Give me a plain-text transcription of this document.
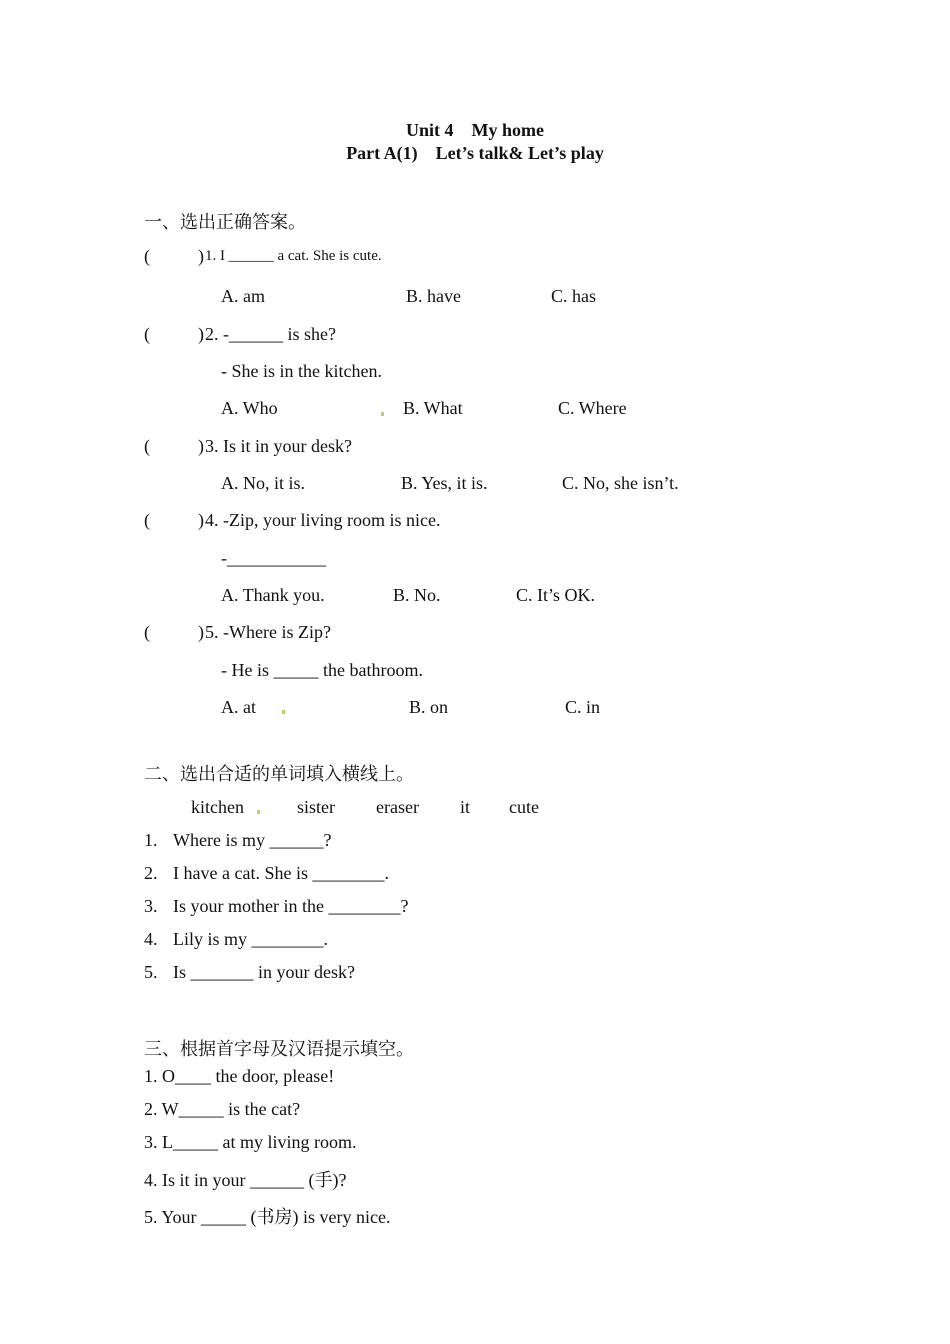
Unit 4    My home
Part A(1)    Let’s talk& Let’s play
一、选出正确答案。
(	) 1. I ______ a cat. She is cute.
A. am	B. have	C. has
(	) 2. -______ is she?
- She is in the kitchen.
A. Who	B. What	C. Where
(	) 3. Is it in your desk?
A. No, it is.	B. Yes, it is.	C. No, she isn’t.
(	) 4. -Zip, your living room is nice.
-___________
A. Thank you.	B. No.	C. It’s OK.
(	) 5. -Where is Zip?
- He is _____ the bathroom.
A. at	B. on	C. in
二、选出合适的单词填入横线上。
kitchen	sister eraser it cute
1. Where is my ______?
2. I have a cat. She is ________.
3. Is your mother in the ________?
4. Lily is my ________.
5. Is _______ in your desk?
三、根据首字母及汉语提示填空。
1. O____ the door, please!
2. W_____ is the cat?
3. L_____ at my living room.
4. Is it in your ______ (手)?
5. Your _____ (书房) is very nice.
